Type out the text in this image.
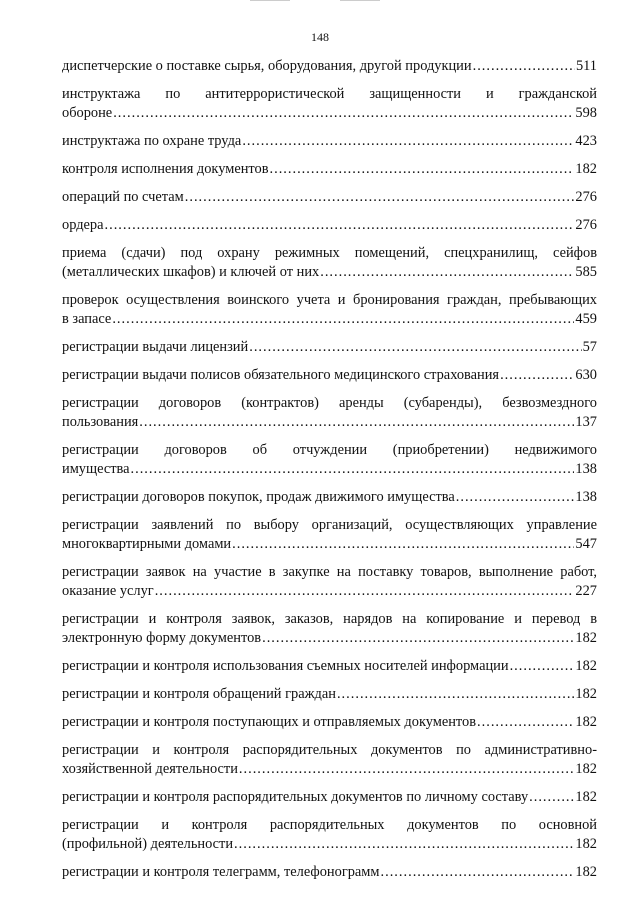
148
диспетчерские о поставке сырья, оборудования, другой продукции .....	511
инструктажа по антитеррористической защищенности и гражданской
обороне .....	598
инструктажа по охране труда .....	423
контроля исполнения документов .....	182
операций по счетам .....	276
ордера .....	276
приема (сдачи) под охрану режимных помещений, спецхранилищ, сейфов
(металлических шкафов) и ключей от них .....	585
проверок осуществления воинского учета и бронирования граждан, пребывающих
в запасе .....	459
регистрации выдачи лицензий .....	57
регистрации выдачи полисов обязательного медицинского страхования .....	630
регистрации договоров (контрактов) аренды (субаренды), безвозмездного
пользования .....	137
регистрации договоров об отчуждении (приобретении) недвижимого
имущества .....	138
регистрации договоров покупок, продаж движимого имущества .....	138
регистрации заявлений по выбору организаций, осуществляющих управление
многоквартирными домами .....	547
регистрации заявок на участие в закупке на поставку товаров, выполнение работ,
оказание услуг .....	227
регистрации и контроля заявок, заказов, нарядов на копирование и перевод в
электронную форму документов .....	182
регистрации и контроля использования съемных носителей информации .....	182
регистрации и контроля обращений граждан .....	182
регистрации и контроля поступающих и отправляемых документов .....	182
регистрации и контроля распорядительных документов по административно-
хозяйственной деятельности .....	182
регистрации и контроля распорядительных документов по личному составу .....	182
регистрации и контроля распорядительных документов по основной
(профильной) деятельности .....	182
регистрации и контроля телеграмм, телефонограмм .....	182
